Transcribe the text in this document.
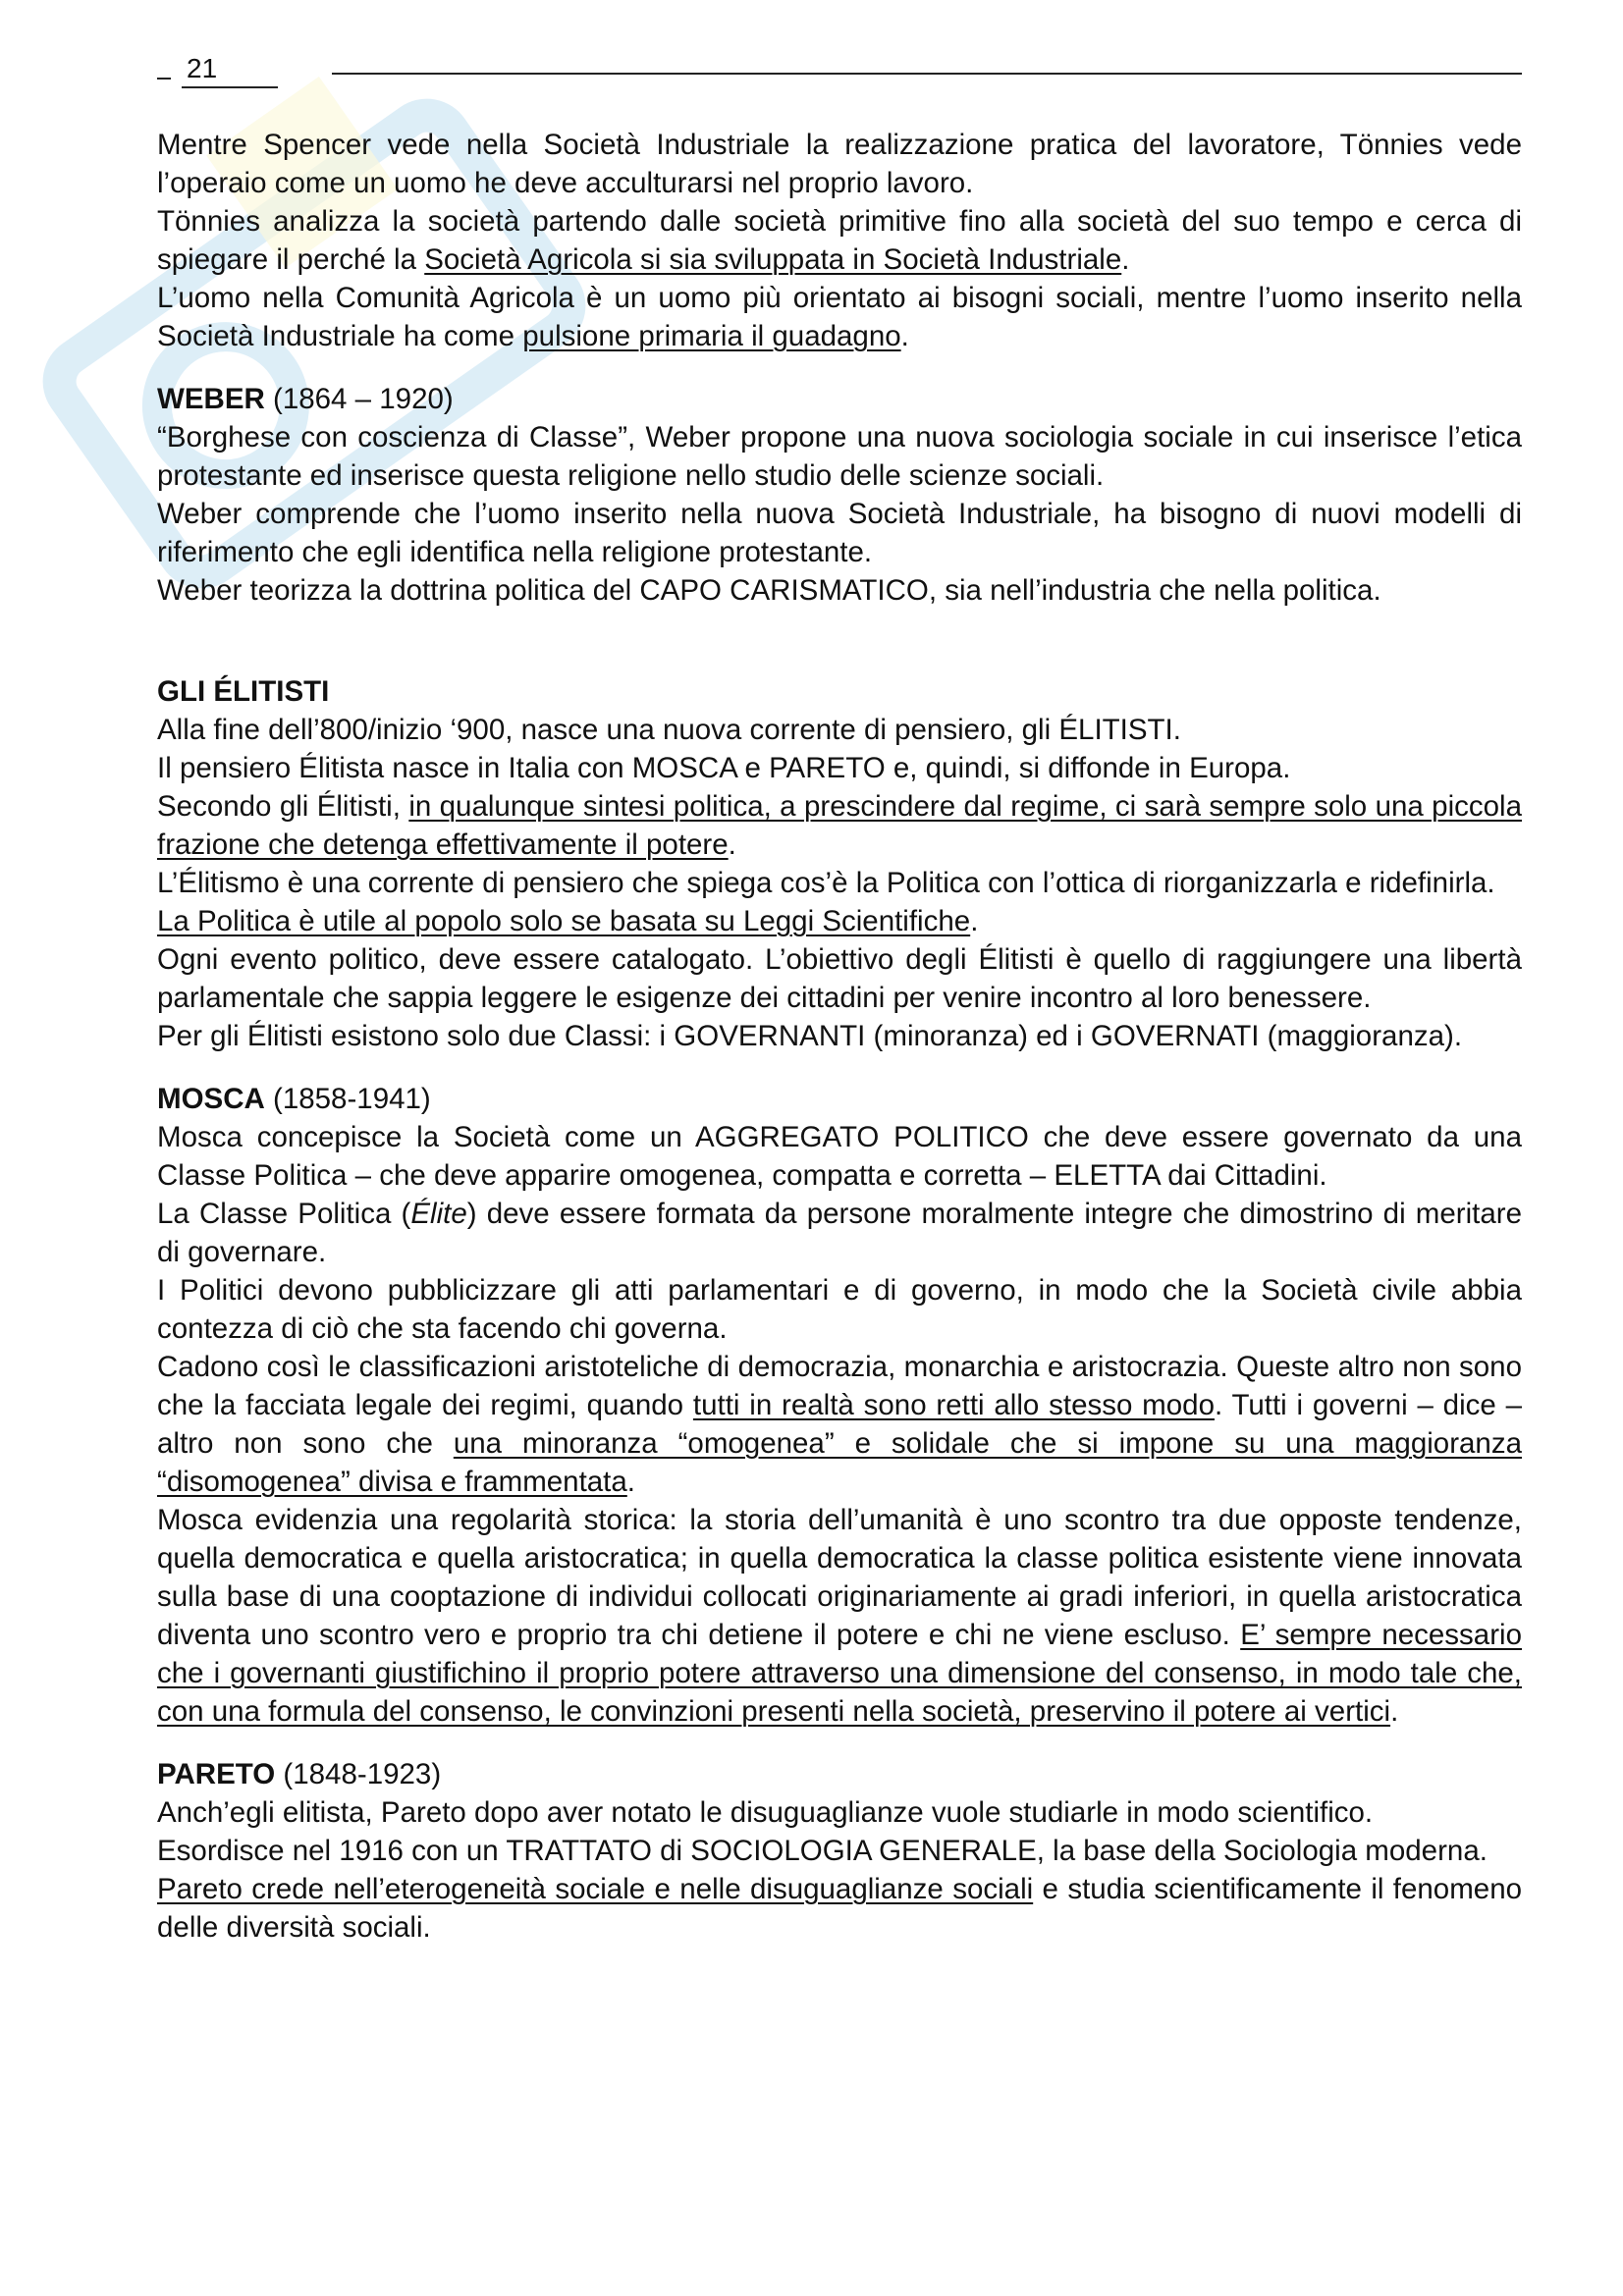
21

Mentre Spencer vede nella Società Industriale la realizzazione pratica del lavoratore, Tönnies vede l’operaio come un uomo he deve acculturarsi nel proprio lavoro.

Tönnies analizza la società partendo dalle società primitive fino alla società del suo tempo e cerca di spiegare il perché la Società Agricola si sia sviluppata in Società Industriale.

L’uomo nella Comunità Agricola è un uomo più orientato ai bisogni sociali, mentre l’uomo inserito nella Società Industriale ha come pulsione primaria il guadagno.

WEBER (1864 – 1920)

“Borghese con coscienza di Classe”, Weber propone una nuova sociologia sociale in cui inserisce l’etica protestante ed inserisce questa religione nello studio delle scienze sociali.

Weber comprende che l’uomo inserito nella nuova Società Industriale, ha bisogno di nuovi modelli di riferimento che egli identifica nella religione protestante.

Weber teorizza la dottrina politica del CAPO CARISMATICO, sia nell’industria che nella politica.

GLI ÉLITISTI

Alla fine dell’800/inizio ‘900, nasce una nuova corrente di pensiero, gli ÉLITISTI.

Il pensiero Élitista nasce in Italia con MOSCA e PARETO e, quindi, si diffonde in Europa.

Secondo gli Élitisti, in qualunque sintesi politica, a prescindere dal regime, ci sarà sempre solo una piccola frazione che detenga effettivamente il potere.

L’Élitismo è una corrente di pensiero che spiega cos’è la Politica con l’ottica di riorganizzarla e ridefinirla.

La Politica è utile al popolo solo se basata su Leggi Scientifiche.

Ogni evento politico, deve essere catalogato. L’obiettivo degli Élitisti è quello di raggiungere una libertà parlamentale che sappia leggere le esigenze dei cittadini per venire incontro al loro benessere.

Per gli Élitisti esistono solo due Classi: i GOVERNANTI (minoranza) ed i GOVERNATI (maggioranza).

MOSCA (1858-1941)

Mosca concepisce la Società come un AGGREGATO POLITICO che deve essere governato da una Classe Politica – che deve apparire omogenea, compatta e corretta – ELETTA dai Cittadini.

La Classe Politica (Élite) deve essere formata da persone moralmente integre che dimostrino di meritare di governare.

I Politici devono pubblicizzare gli atti parlamentari e di governo, in modo che la Società civile abbia contezza di ciò che sta facendo chi governa.

Cadono così le classificazioni aristoteliche di democrazia, monarchia e aristocrazia. Queste altro non sono che la facciata legale dei regimi, quando tutti in realtà sono retti allo stesso modo. Tutti i governi – dice – altro non sono che una minoranza “omogenea” e solidale che si impone su una maggioranza “disomogenea” divisa e frammentata.

Mosca evidenzia una regolarità storica: la storia dell’umanità è uno scontro tra due opposte tendenze, quella democratica e quella aristocratica; in quella democratica la classe politica esistente viene innovata sulla base di una cooptazione di individui collocati originariamente ai gradi inferiori, in quella aristocratica diventa uno scontro vero e proprio tra chi detiene il potere e chi ne viene escluso. E’ sempre necessario che i governanti giustifichino il proprio potere attraverso una dimensione del consenso, in modo tale che, con una formula del consenso, le convinzioni presenti nella società, preservino il potere ai vertici.

PARETO (1848-1923)

Anch’egli elitista, Pareto dopo aver notato le disuguaglianze vuole studiarle in modo scientifico.

Esordisce nel 1916 con un TRATTATO di SOCIOLOGIA GENERALE, la base della Sociologia moderna.

Pareto crede nell’eterogeneità sociale e nelle disuguaglianze sociali e studia scientificamente il fenomeno delle diversità sociali.
